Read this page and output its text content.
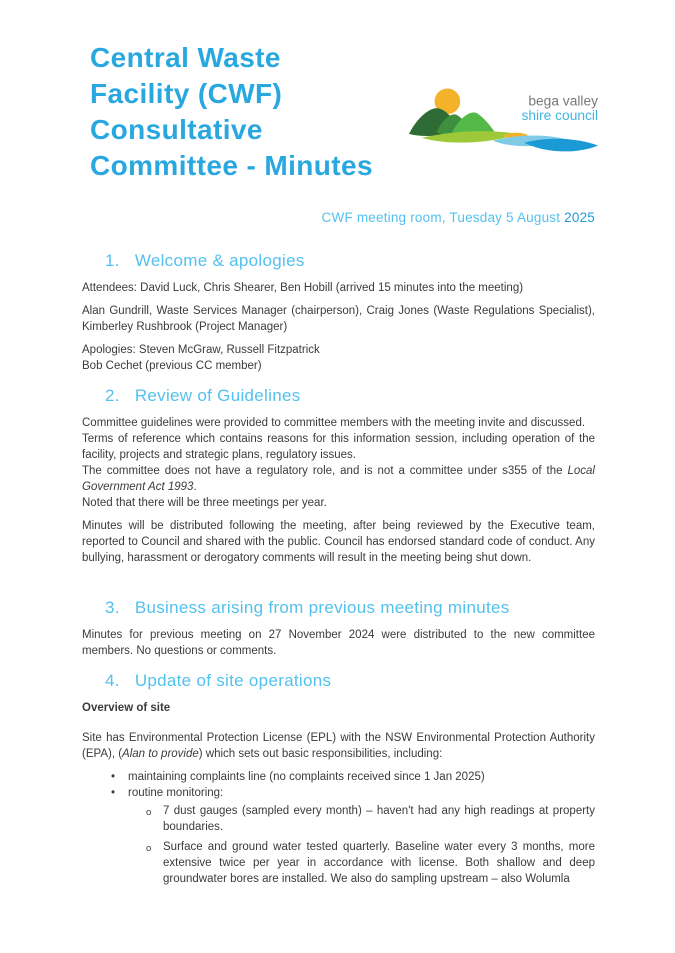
Central Waste
Facility (CWF)
Consultative
Committee - Minutes
bega valley
shire council
CWF meeting room, Tuesday 5 August 2025
1. Welcome & apologies

Attendees: David Luck, Chris Shearer, Ben Hobill (arrived 15 minutes into the meeting)

Alan Gundrill, Waste Services Manager (chairperson), Craig Jones (Waste Regulations Specialist), Kimberley Rushbrook (Project Manager)

Apologies: Steven McGraw, Russell Fitzpatrick
Bob Cechet (previous CC member)

2. Review of Guidelines

Committee guidelines were provided to committee members with the meeting invite and discussed.
Terms of reference which contains reasons for this information session, including operation of the facility, projects and strategic plans, regulatory issues.
The committee does not have a regulatory role, and is not a committee under s355 of the Local Government Act 1993.
Noted that there will be three meetings per year.

Minutes will be distributed following the meeting, after being reviewed by the Executive team, reported to Council and shared with the public. Council has endorsed standard code of conduct. Any bullying, harassment or derogatory comments will result in the meeting being shut down.

3. Business arising from previous meeting minutes

Minutes for previous meeting on 27 November 2024 were distributed to the new committee members. No questions or comments.

4. Update of site operations

Overview of site

Site has Environmental Protection License (EPL) with the NSW Environmental Protection Authority (EPA), (Alan to provide) which sets out basic responsibilities, including:

• maintaining complaints line (no complaints received since 1 Jan 2025)
• routine monitoring:
o 7 dust gauges (sampled every month) – haven't had any high readings at property boundaries.
o Surface and ground water tested quarterly. Baseline water every 3 months, more extensive twice per year in accordance with license. Both shallow and deep groundwater bores are installed. We also do sampling upstream – also Wolumla
